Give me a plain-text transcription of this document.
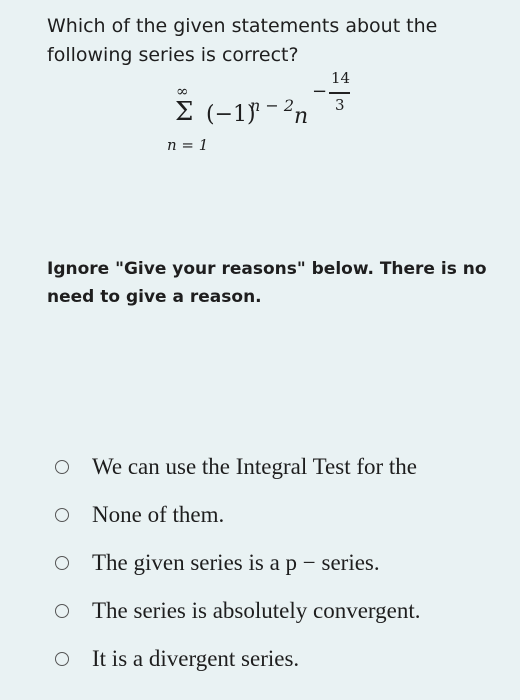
Which of the given statements about the following series is correct?

∞
Σ
n = 1
(−1)
n − 2 n
−
14
3

Ignore "Give your reasons" below. There is no need to give a reason.

We can use the Integral Test for the
None of them.
The given series is a p − series.
The series is absolutely convergent.
It is a divergent series.
